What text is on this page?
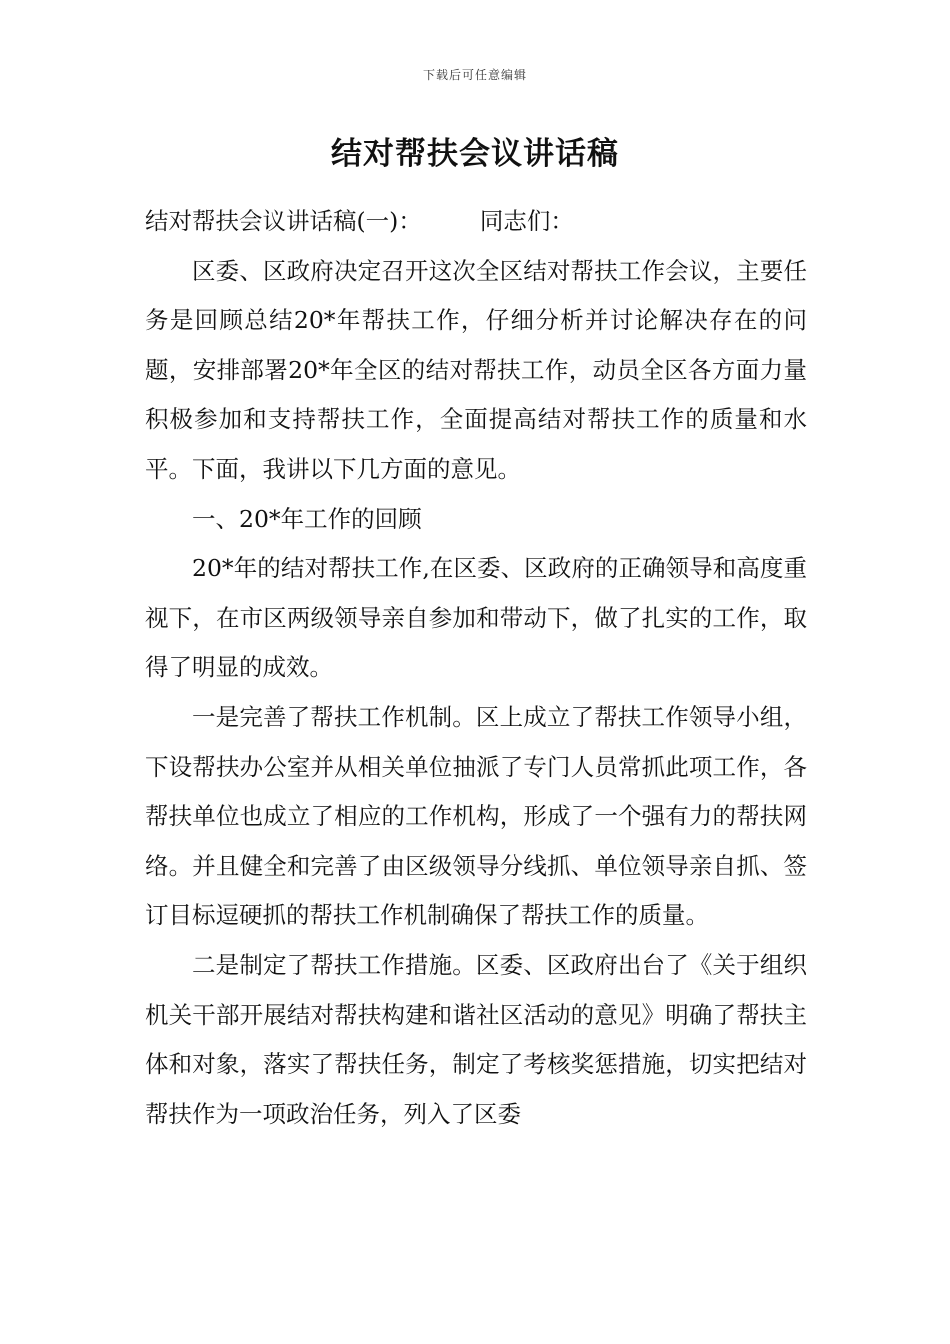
下载后可任意编辑
结对帮扶会议讲话稿

结对帮扶会议讲话稿(一)： 同志们：

区委、区政府决定召开这次全区结对帮扶工作会议，主要任务是回顾总结20*年帮扶工作，仔细分析并讨论解决存在的问题，安排部署20*年全区的结对帮扶工作，动员全区各方面力量积极参加和支持帮扶工作，全面提高结对帮扶工作的质量和水平。下面，我讲以下几方面的意见。

一、20*年工作的回顾

20*年的结对帮扶工作,在区委、区政府的正确领导和高度重视下，在市区两级领导亲自参加和带动下，做了扎实的工作，取得了明显的成效。

一是完善了帮扶工作机制。区上成立了帮扶工作领导小组，下设帮扶办公室并从相关单位抽派了专门人员常抓此项工作，各帮扶单位也成立了相应的工作机构，形成了一个强有力的帮扶网络。并且健全和完善了由区级领导分线抓、单位领导亲自抓、签订目标逗硬抓的帮扶工作机制确保了帮扶工作的质量。

二是制定了帮扶工作措施。区委、区政府出台了《关于组织机关干部开展结对帮扶构建和谐社区活动的意见》明确了帮扶主体和对象，落实了帮扶任务，制定了考核奖惩措施，切实把结对帮扶作为一项政治任务，列入了区委
